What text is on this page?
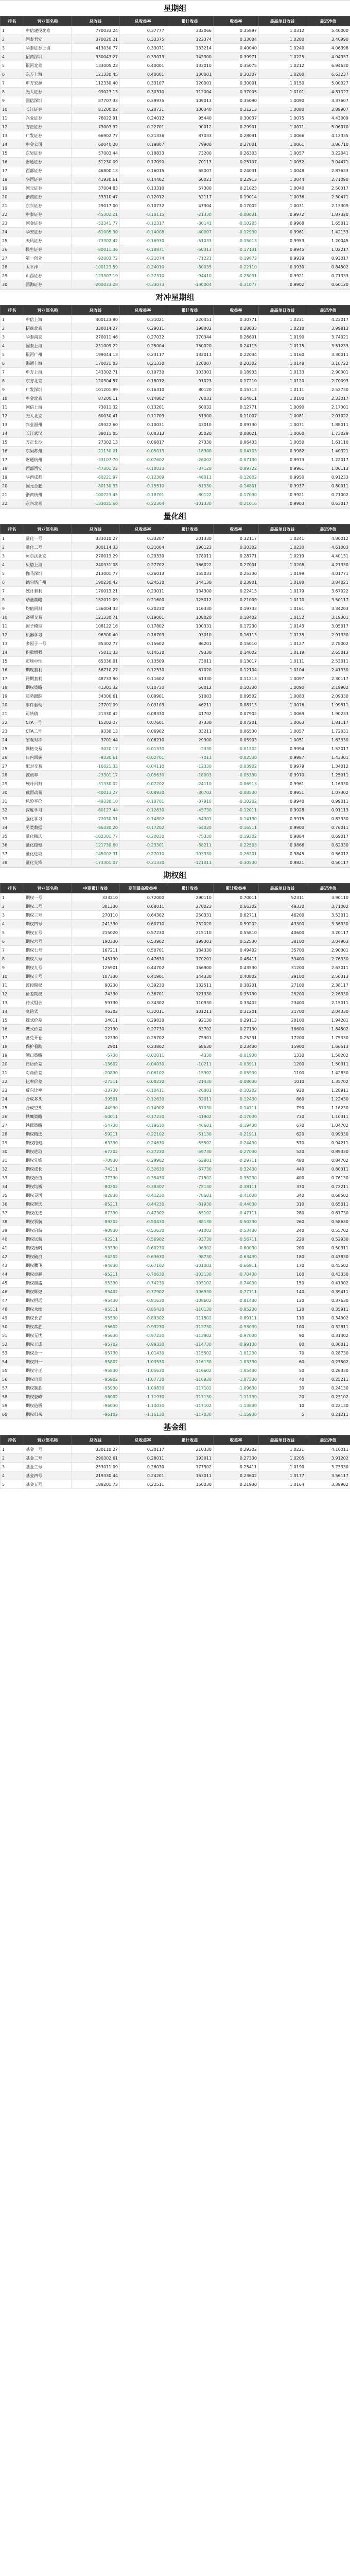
星期组
排名	营业部名称	总收益	总收益率	累计收益	收益率	最高单日收益	最近净值
1	中信建投北京	770033.24	0.37777	332066	0.35897	1.0312	5.40000
2	国泰君安	370020.21	0.33375	123374	0.33004	1.0280	3.40990
3	华泰证券上海	413030.77	0.33071	133214	0.40040	1.0240	4.06398
4	招商深圳	330043.27	0.33073	142300	0.39971	1.0225	4.94937
5	银河北京	133005.23	0.40001	133010	0.35075	1.0212	6.94630
6	东方上海	121330.45	0.40001	130001	0.30307	1.0200	6.63237
7	申万宏源	112330.40	0.33107	120001	0.30001	1.0150	5.00027
8	光大证券	99023.13	0.30310	112004	0.37005	1.0101	4.31327
9	国信深圳	87707.33	0.29975	109013	0.35090	1.0090	3.37607
10	长江证券	81200.02	0.28731	100340	0.31213	1.0080	3.89907
11	兴业证券	76022.91	0.24012	95440	0.30037	1.0075	4.43009
12	方正证券	73003.32	0.22701	90012	0.29901	1.0071	5.06070
13	广发证券	66902.77	0.21336	87033	0.28091	1.0066	4.12335
14	中金公司	60040.20	0.19807	79900	0.27001	1.0061	3.86710
15	东吴证券	57003.44	0.18833	73200	0.26303	1.0057	3.22041
16	财通证券	51230.09	0.17090	70113	0.25107	1.0052	3.04471
17	西部证券	46800.13	0.16015	65007	0.24031	1.0048	2.87633
18	华西证券	41930.61	0.14402	60021	0.22913	1.0044	2.71090
19	国元证券	37004.83	0.13310	57300	0.21023	1.0040	2.50317
20	浙商证券	33310.47	0.12012	52117	0.19014	1.0036	2.30471
21	东兴证券	29017.00	0.10732	47304	0.17002	1.0031	2.13309
22	中泰证券	-45302.21	-0.10115	-21330	-0.08031	0.9972	1.87320
23	国金证券	-52341.77	-0.12317	-30141	-0.10205	0.9968	1.65011
24	华安证券	-61005.30	-0.14008	-40007	-0.12930	0.9961	1.42133
25	天风证券	-73302.42	-0.16930	-51033	-0.15013	0.9953	1.20045
26	民生证券	-80011.36	-0.18871	-60313	-0.17131	0.9945	1.02217
27	第一创业	-92003.72	-0.21074	-71221	-0.19873	0.9939	0.93017
28	太平洋	-100123.59	-0.24010	-80035	-0.22110	0.9930	0.84502
29	山西证券	-123307.19	-0.27310	-94410	-0.25031	0.9921	0.71333
30	国海证券	-200033.28	-0.33073	-130004	-0.31077	0.9902	0.60120
对冲星期组
排名	营业部名称	总收益	总收益率	累计收益	收益率	最高单日收益	最近净值
1	中信上海	400123.90	0.31021	220451	0.30771	1.0231	4.23017
2	招商北京	330014.27	0.29011	198002	0.28033	1.0210	3.99813
3	华泰南京	270011.46	0.27032	170344	0.26601	1.0190	3.74021
4	国泰上海	231009.22	0.25004	150020	0.24115	1.0175	3.51233
5	银河广州	199044.13	0.23117	132011	0.22034	1.0160	3.30011
6	海通上海	170021.03	0.21330	120007	0.20302	1.0148	3.10722
7	申万上海	143302.71	0.19730	103301	0.18933	1.0133	2.90301
8	东方北京	120304.57	0.18012	91023	0.17210	1.0120	2.70093
9	广发深圳	101201.99	0.16310	80120	0.15713	1.0111	2.52730
10	中金北京	87200.11	0.14802	70031	0.14011	1.0100	2.33017
11	国信上海	73011.32	0.13201	60032	0.12771	1.0090	2.17301
12	光大北京	60030.41	0.11709	51300	0.11007	1.0081	2.01022
13	兴业福州	49322.60	0.10031	43010	0.09730	1.0071	1.88011
14	长江武汉	38011.05	0.08313	35020	0.08021	1.0060	1.73029
15	方正长沙	27302.13	0.06817	27330	0.06433	1.0050	1.61110
16	东吴苏州	-21130.01	-0.05013	-18300	-0.04703	0.9982	1.40321
17	财通杭州	-33107.70	-0.07602	-26002	-0.07130	0.9973	1.22017
18	西部西安	-47301.22	-0.10033	-37120	-0.09722	0.9961	1.06113
19	华西成都	-60221.97	-0.12309	-48011	-0.12002	0.9950	0.91233
20	国元合肥	-80130.33	-0.15510	-61330	-0.14801	0.9937	0.80011
21	浙商杭州	-100723.45	-0.18701	-80122	-0.17030	0.9921	0.71002
22	东兴北京	-133021.60	-0.22304	-101330	-0.21016	0.9903	0.63017
量化组
排名	营业部名称	总收益	总收益率	累计收益	收益率	最高单日收益	最近净值
1	量化一号	333010.27	0.33207	201330	0.32117	1.0241	4.80012
2	量化二号	300114.33	0.31004	190123	0.30302	1.0230	4.61003
3	阿尔法北京	270013.29	0.29330	178011	0.28771	1.0219	4.40131
4	贝塔上海	240331.08	0.27702	166022	0.27001	1.0208	4.21330
5	伽马深圳	213001.77	0.26013	155033	0.25330	1.0199	4.01771
6	德尔塔广州	190230.42	0.24530	144130	0.23901	1.0188	3.84021
7	统计套利	170013.21	0.23011	134300	0.22413	1.0179	3.67022
8	动量策略	152011.09	0.21600	125012	0.21009	1.0170	3.50117
9	均值回归	136004.33	0.20230	116330	0.19733	1.0161	3.34203
10	高频交易	121330.71	0.19001	108020	0.18402	1.0152	3.19301
11	因子模型	108122.16	0.17802	100331	0.17230	1.0143	3.05017
12	机器学习	96300.40	0.16703	93010	0.16113	1.0135	2.91330
13	多因子一号	85302.77	0.15602	86201	0.15010	1.0127	2.78002
14	指数增强	75011.33	0.14530	79330	0.14002	1.0119	2.65013
15	市场中性	65330.01	0.13509	73011	0.13017	1.0111	2.53011
16	期现套利	56710.27	0.12530	67020	0.12104	1.0104	2.41330
17	跨期套利	48733.90	0.11602	61330	0.11213	1.0097	2.30117
18	期权策略	41301.32	0.10730	56012	0.10330	1.0090	2.19902
19	趋势跟踪	34300.61	0.09901	51003	0.09502	1.0083	2.09330
20	事件驱动	27701.09	0.09103	46211	0.08713	1.0076	1.99511
21	可转债	21330.42	0.08330	41702	0.07902	1.0069	1.90233
22	CTA一号	15202.27	0.07601	37330	0.07201	1.0063	1.81117
23	CTA二号	9330.13	0.06902	33211	0.06530	1.0057	1.72031
24	宏观对冲	3701.44	0.06210	29300	0.05903	1.0051	1.63330
25	网格交易	-3020.17	-0.01330	-2330	-0.01202	0.9994	1.52017
26	日内回转	-9330.61	-0.02701	-7011	-0.02530	0.9987	1.43301
27	配对交易	-16021.33	-0.04110	-12330	-0.03902	0.9979	1.34012
28	波动率	-23301.17	-0.05630	-18003	-0.05330	0.9970	1.25011
29	统计回归	-31330.02	-0.07202	-24110	-0.06913	0.9961	1.16330
30	截面动量	-40013.27	-0.08930	-30702	-0.08530	0.9951	1.07302
31	风险平价	-49330.10	-0.10701	-37910	-0.10202	0.9940	0.99011
32	深度学习	-60127.44	-0.12630	-45730	-0.12011	0.9928	0.91113
33	强化学习	-72030.91	-0.14802	-54301	-0.14130	0.9915	0.83330
34	另类数据	-86330.20	-0.17202	-64020	-0.16511	0.9900	0.76011
35	量化精选	-102301.77	-0.20030	-75330	-0.19302	0.9884	0.69017
36	量化稳健	-121730.60	-0.23301	-88211	-0.22503	0.9866	0.62330
37	量化进取	-145002.31	-0.27010	-103330	-0.26201	0.9845	0.56012
38	量化先锋	-173301.07	-0.31330	-121011	-0.30530	0.9821	0.50117
期权组
排名	营业部名称	中期累计收益	期间最高收益率	累计收益	累计收益率	最高单日收益	最近净值
1	期权一号	333210	0.72000	290110	0.70011	52311	3.90110
2	期权二号	301330	0.68011	270023	0.66302	49330	3.71002
3	期权三号	270110	0.64302	250331	0.62711	46200	3.53011
4	期权四号	241330	0.60710	232020	0.59202	43300	3.36330
5	期权五号	215020	0.57230	215110	0.55810	40600	3.20117
6	期权六号	190330	0.53902	199301	0.52530	38100	3.04903
7	期权七号	167211	0.50701	184330	0.49402	35700	2.90301
8	期权八号	145730	0.47630	170201	0.46411	33400	2.76330
9	期权九号	125901	0.44702	156900	0.43530	31200	2.63011
10	期权十号	107330	0.41901	144330	0.40802	29100	2.50313
11	波段期权	90230	0.39230	132511	0.38201	27100	2.38117
12	价差期权	74330	0.36701	121330	0.35730	25200	2.26330
13	跨式组合	59730	0.34302	110930	0.33402	23400	2.15011
14	宽跨式	46302	0.32011	101211	0.31201	21700	2.04330
15	蝶式价差	34011	0.29830	92130	0.29113	20100	1.94201
16	鹰式价差	22730	0.27730	83702	0.27130	18600	1.84502
17	备兑开仓	12330	0.25702	75901	0.25231	17200	1.75330
18	保护看跌	2901	0.23802	68630	0.23430	15900	1.66513
19	领口策略	-5730	-0.02011	-4330	-0.01930	1330	1.58202
20	日历价差	-13602	-0.04030	-10211	-0.03911	1200	1.50311
21	对角价差	-20830	-0.06102	-15902	-0.05930	1100	1.42830
22	比率价差	-27511	-0.08230	-21430	-0.08030	1010	1.35702
23	反向比率	-33730	-0.10411	-26801	-0.10202	930	1.28911
24	合成多头	-39501	-0.12630	-32011	-0.12430	860	1.22430
25	合成空头	-44930	-0.14902	-37030	-0.14711	790	1.16230
26	铁鹰策略	-50011	-0.17230	-41902	-0.17030	730	1.10311
27	铁蝶策略	-54730	-0.19630	-46601	-0.19430	670	1.04702
28	期权精选	-59211	-0.22102	-51130	-0.21911	620	0.99330
29	期权稳健	-63330	-0.24630	-55502	-0.24430	570	0.94211
30	期权进取	-67202	-0.27230	-59730	-0.27030	520	0.89330
31	期权先锋	-70830	-0.29902	-63801	-0.29711	480	0.84702
32	期权成长	-74211	-0.32630	-67730	-0.32430	440	0.80311
33	期权价值	-77330	-0.35430	-71502	-0.35230	400	0.76130
34	期权均衡	-80202	-0.38302	-75130	-0.38111	370	0.72211
35	期权灵活	-82830	-0.41230	-78601	-0.41030	340	0.68502
36	期权智选	-85211	-0.44230	-81930	-0.44030	310	0.65011
37	期权优选	-87330	-0.47302	-85102	-0.47111	280	0.61730
38	期权领航	-89202	-0.50430	-88130	-0.50230	260	0.58630
39	期权启航	-90830	-0.53630	-91002	-0.53430	240	0.55702
40	期权远航	-92211	-0.56902	-93730	-0.56711	220	0.52930
41	期权扬帆	-93330	-0.60230	-96302	-0.60030	200	0.50311
42	期权破浪	-94202	-0.63630	-98730	-0.63430	180	0.47830
43	期权腾飞	-94830	-0.67102	-101002	-0.66911	170	0.45502
44	期权卓越	-95211	-0.70630	-103130	-0.70430	160	0.43330
45	期权鼎盛	-95330	-0.74230	-105102	-0.74030	150	0.41302
46	期权辉煌	-95402	-0.77902	-106930	-0.77711	140	0.39411
47	期权恒远	-95430	-0.81630	-108602	-0.81430	130	0.37630
48	期权永续	-95511	-0.85430	-110130	-0.85230	120	0.35911
49	期权长青	-95530	-0.89302	-111502	-0.89111	110	0.34302
50	期权常胜	-95602	-0.93230	-112730	-0.93030	100	0.32811
51	期权无忧	-95630	-0.97230	-113802	-0.97030	90	0.31402
52	期权天成	-95702	-0.99330	-114730	-0.99130	80	0.30011
53	期权合一	-95730	-1.01430	-115502	-1.01230	70	0.28730
54	期权归一	-95802	-1.03530	-116130	-1.03330	60	0.27502
55	期权守正	-95830	-1.05630	-116602	-1.05430	50	0.26330
56	期权出奇	-95902	-1.07730	-116930	-1.07530	40	0.25211
57	期权制胜	-95930	-1.09830	-117102	-1.09630	30	0.24130
58	期权登峰	-96002	-1.11930	-117130	-1.11730	20	0.23102
59	期权造极	-96030	-1.14030	-117102	-1.13830	10	0.22130
60	期权归来	-96102	-1.16130	-117030	-1.15930	5	0.21211
基金组
排名	营业部名称	总收益	总收益率	累计收益	收益率	最高单日收益	最近净值
1	基金一号	330110.27	0.30117	210330	0.29302	1.0221	4.10011
2	基金二号	290302.61	0.28011	193011	0.27330	1.0205	3.91202
3	基金三号	253011.09	0.26030	177302	0.25411	1.0190	3.73330
4	基金四号	219330.44	0.24201	163011	0.23602	1.0177	3.56117
5	基金五号	188201.73	0.22511	150030	0.21930	1.0164	3.39902
